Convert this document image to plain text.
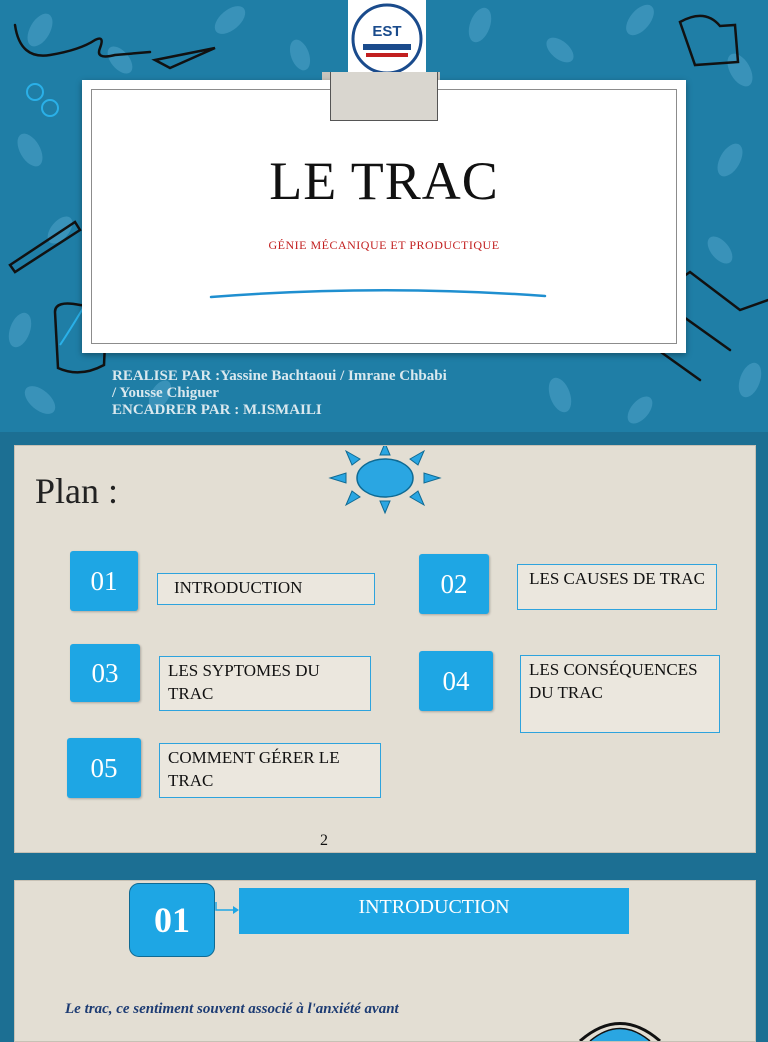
EST
LE TRAC
GÉNIE MÉCANIQUE ET PRODUCTIQUE
REALISE PAR :Yassine Bachtaoui / Imrane Chbabi
/ Yousse Chiguer
ENCADRER PAR : M.ISMAILI
Plan :
01	INTRODUCTION	02	LES CAUSES DE TRAC
03	LES SYPTOMES DU TRAC	04	LES CONSÉQUENCES DU TRAC
05	COMMENT GÉRER LE TRAC
2
01	INTRODUCTION
Le trac, ce sentiment souvent associé à l'anxiété avant
